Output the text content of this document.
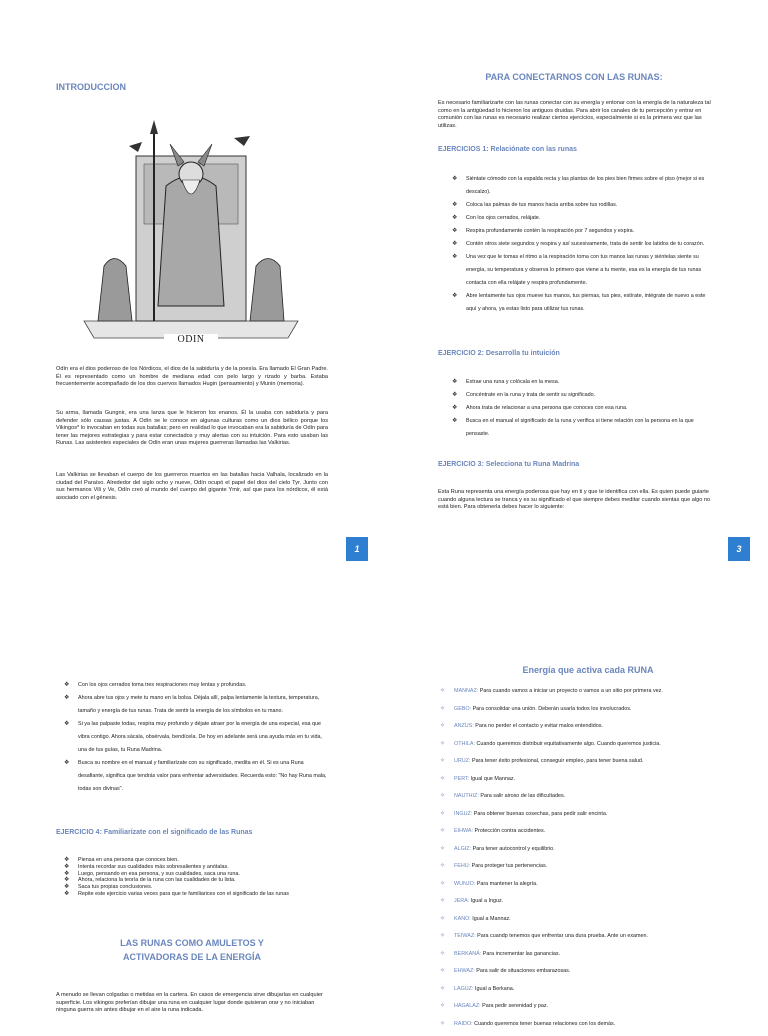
INTRODUCCION
ODIN

Odín era el dios poderoso de los Nórdicos, el dios de la sabiduría y de la poesía. Era llamado El Gran Padre. Él es representado como un hombre de mediana edad con pelo largo y rizado y barba. Estaba frecuentemente acompañado de los dos cuervos llamados Hugin (pensamiento) y Munin (memoria).

Su arma, llamada Gungnir, era una lanza que le hicieron los enanos. Él la usaba con sabiduría y para defender sólo causas justas. A Odín se le conoce en algunas culturas como un dios bélico porque los Vikingos* lo invocaban en todas sus batallas; pero en realidad lo que invocaban era la sabiduría de Odín para tener las mejores estrategias y para estar conectados y muy alertas con su intuición. Para esto usaban las Runas. Las asistentes especiales de Odín eran unas mujeres guerreras llamadas las Valkirias.

Las Valkirias se llevaban el cuerpo de los guerreros muertos en las batallas hacia Valhala, localizado en la ciudad del Paraíso. Alrededor del siglo ocho y nueve, Odín ocupó el papel del dios del cielo Tyr. Junto con sus hermanos Vili y Ve, Odín creó al mundo del cuerpo del gigante Ymir, así que para los nórdicos, él está asociado con el génesis.

1
PARA CONECTARNOS CON LAS RUNAS:

Es necesario familiarizarte con las runas conectar con su energía y entonar con la energía de la naturaleza tal como en la antigüedad lo hicieron los antiguos druidas. Para abrir los canales de tu percepción y entrar en comunión con las runas es necesario realizar ciertos ejercicios, especialmente si es la primera vez que las utilizas.

EJERCICIOS 1: Relaciónate con las runas
❖ Siéntate cómodo con la espalda recta y las plantas de los pies bien firmes sobre el piso (mejor si es descalzo).
❖ Coloca las palmas de tus manos hacia arriba sobre tus rodillas.
❖ Con los ojos cerrados, relájate.
❖ Respira profundamente contén la respiración por 7 segundos y expira.
❖ Contén otros siete segundos y respira y así sucesivamente, trata de sentir los latidos de tu corazón.
❖ Una vez que le tomas el ritmo a la respiración toma con tus manos las runas y siéntelas siente su energía, su temperatura y observa lo primero que viene a tu mente, esa es la energía de tus runas contacta con ella relájate y respira profundamente.
❖ Abre lentamente tus ojos mueve tus manos, tus piernas, tus pies, estírate, intégrate de nuevo a este aquí y ahora, ya estas listo para utilizar tus runas.
EJERCICIO 2: Desarrolla tu intuición
❖ Extrae una runa y colócala en la mesa.
❖ Concéntrate en la runa y trata de sentir su significado.
❖ Ahora trata de relacionar a una persona que conoces con esa runa.
❖ Busca en el manual el significado de la runa y verifica si tiene relación con la persona en la que pensaste.
EJERCICIO 3: Selecciona tu Runa Madrina

Esta Runa representa una energía poderosa que hay en ti y que te identifica con ella. Es quien puede guiarte cuando alguna lectura se tranca y es su significado el que siempre debes meditar cuando sientas que algo no está bien. Para obtenerla debes hacer lo siguiente:

3
❖ Con los ojos cerrados toma tres respiraciones muy lentas y profundas.
❖ Ahora abre tus ojos y mete tu mano en la bolsa. Déjala allí, palpa lentamente la textura, temperatura, tamaño y energía de tus runas. Trata de sentir la energía de los símbolos en tu mano.
❖ Si ya las palpaste todas, respira muy profundo y déjate atraer por la energía de una especial, esa que vibra contigo. Ahora sácala, obsérvala, bendícela. De hoy en adelante será una ayuda más en tu vida, una de tus guías, tu Runa Madrina.
❖ Busca su nombre en el manual y familiarízate con su significado, medita en él. Si es una Runa desafiante, significa que tendrás valor para enfrentar adversidades. Recuerda esto: "No hay Runa mala, todas son divinas".
EJERCICIO 4: Familiarízate con el significado de las Runas
❖ Piensa en una persona que conoces bien.
❖ Intenta recordar sus cualidades más sobresalientes y anótalas.
❖ Luego, pensando en esa persona, y sus cualidades, saca una runa.
❖ Ahora, relaciona la teoría de la runa con las cualidades de tu lista.
❖ Saca tus propias conclusiones.
❖ Repite este ejercicio varias veces para que te familiarices con el significado de las runas
LAS RUNAS COMO AMULETOS Y
ACTIVADORAS DE LA ENERGÍA

A menudo se llevan colgadas o metidas en la cartera. En casos de emergencia sirve dibujarlas en cualquier superficie. Los vikingos preferían dibujar una runa en cualquier lugar donde quisieran orar y no iniciaban ninguna guerra sin antes dibujar en el aire la runa indicada.

Energía que activa cada RUNA
✧ MANNAZ: Para cuando vamos a iniciar un proyecto o vamos a un sitio por primera vez.
✧ GEBO: Para consolidar una unión. Deberán usarla todos los involucrados.
✧ ANZUS: Para no perder el contacto y evitar malos entendidos.
✧ OTHILA: Cuando queremos distribuir equitativamente algo. Cuando queremos justicia.
✧ URUZ: Para tener éxito profesional, conseguir empleo, para tener buena salud.
✧ PERT: Igual que Mannaz.
✧ NAUTHIZ: Para salir airoso de las dificultades.
✧ INGUZ: Para obtener buenas cosechas, para pedir salir encinta.
✧ EIHWA: Protección contra accidentes.
✧ ALGIZ: Para tener autocontrol y equilibrio.
✧ FEHU: Para proteger tus pertenencias.
✧ WUNJO: Para mantener la alegría.
✧ JERA: Igual a Inguz.
✧ KANO: Igual a Mannaz.
✧ TEIWAZ: Para cuandp tenemos que enfrentar una dura prueba. Ante un examen.
✧ BERKANÁ: Para incrementar las ganancias.
✧ EHWAZ: Para salir de situaciones embarazosas.
✧ LAGUZ: Igual a Berkana.
✧ HAGALAZ: Para pedir serenidad y paz.
✧ RAIDO: Cuando queremos tener buenas relaciones con los demás.
